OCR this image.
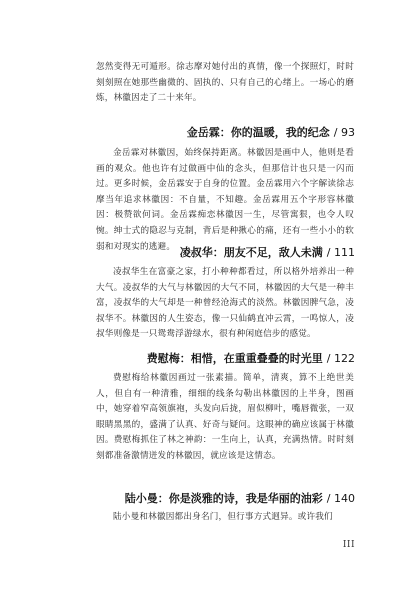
忽然变得无可遁形。徐志摩对她付出的真情，像一个探照灯，时时刻刻照在她那些幽微的、固执的、只有自己的心绪上。一场心的磨炼，林徽因走了二十来年。

金岳霖：你的温暖，我的纪念 / 93

金岳霖对林徽因，始终保持距离。林徽因是画中人，他则是看画的观众。他也许有过做画中仙的念头，但那信计也只是一闪而过。更多时候，金岳霖安于自身的位置。金岳霖用六个字解读徐志摩当年追求林徽因：不自量，不知趣。金岳霖用五个字形容林徽因：极赞欲何词。金岳霖痴恋林徽因一生，尽管寓狠，也令人叹惋。绅士式的隐忍与克制，背后是种揪心的痛，还有一些小小的软弱和对现实的逃避。 凌叔华：朋友不足，敌人未满 / 111

凌叔华生在富豪之家，打小种种都看过，所以格外培养出一种大气。凌叔华的大气与林徽因的大气不同，林徽因的大气是一种丰富，凌叔华的大气却是一种曾经沧海式的淡然。林徽因脾气急，凌叔华不。林徽因的人生姿态，像一只仙鹤直冲云霄，一鸣惊人，凌叔华则像是一只鸳鸯浮游绿水，很有种闲庭信步的感觉。

费慰梅：相惜，在重重叠叠的时光里 / 122

费慰梅给林徽因画过一张素描。简单，清爽，算不上绝世美人，但自有一种清雅，细细的线条勾勒出林徽因的上半身，图画中，她穿着窄高领旗袍，头发向后拢，眉似柳叶，嘴唇微张，一双眼睛黑黑的，盛满了认真、好奇与疑问。这眼神的确应该属于林徽因。费慰梅抓住了林之神韵：一生向上，认真，充满热情。时时刻刻都准备激情迸发的林徽因，就应该是这情态。

陆小曼：你是淡雅的诗，我是华丽的油彩 / 140

陆小曼和林徽因都出身名门，但行事方式迥异。或许我们

III
